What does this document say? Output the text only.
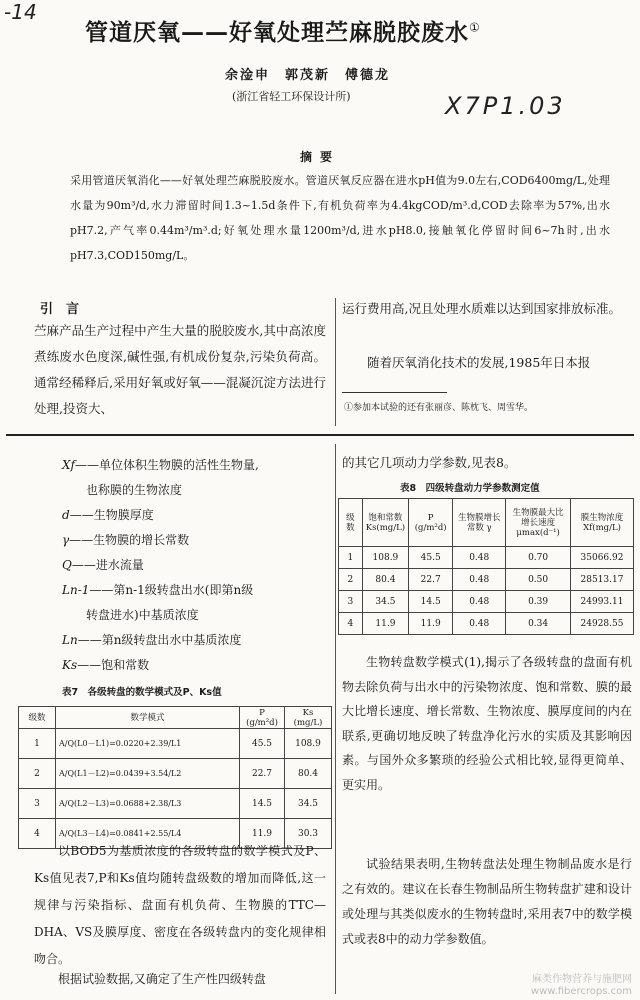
-14
X7P1.03
管道厌氧——好氧处理苎麻脱胶废水①
余淦申　郭茂新　傅德龙
(浙江省轻工环保设计所)
摘要
采用管道厌氧消化——好氧处理苎麻脱胶废水。管道厌氧反应器在进水pH值为9.0左右,COD6400mg/L,处理水量为90m³/d,水力滞留时间1.3~1.5d条件下,有机负荷率为4.4kgCOD/m³.d,COD去除率为57%,出水pH7.2,产气率0.44m³/m³.d;好氧处理水量1200m³/d,进水pH8.0,接触氧化停留时间6~7h时,出水pH7.3,COD150mg/L。
引　言
苎麻产品生产过程中产生大量的脱胶废水,其中高浓度煮练废水色度深,碱性强,有机成份复杂,污染负荷高。通常经稀释后,采用好氧或好氧——混凝沉淀方法进行处理,投资大、
运行费用高,况且处理水质难以达到国家排放标准。
随着厌氧消化技术的发展,1985年日本报
①参加本试验的还有张丽彦、陈枕飞、周雪华。
Xf——单位体积生物膜的活性生物量,
　　也称膜的生物浓度
d——生物膜厚度
γ——生物膜的增长常数
Q——进水流量
Ln-1——第n-1级转盘出水(即第n级
　　转盘进水)中基质浓度
Ln——第n级转盘出水中基质浓度
Ks——饱和常数
表7　各级转盘的数学模式及P、Ks值
级数	数学模式	P (g/m²d)	Ks (mg/L)
1	A/Q(L0－L1)=0.0220+2.39/L1	45.5	108.9
2	A/Q(L1－L2)=0.0439+3.54/L2	22.7	80.4
3	A/Q(L2－L3)=0.0688+2.38/L3	14.5	34.5
4	A/Q(L3－L4)=0.0841+2.55/L4	11.9	30.3
以BOD5为基质浓度的各级转盘的数学模式及P、Ks值见表7,P和Ks值均随转盘级数的增加而降低,这一规律与污染指标、盘面有机负荷、生物膜的TTC—DHA、VS及膜厚度、密度在各级转盘内的变化规律相吻合。
根据试验数据,又确定了生产性四级转盘
的其它几项动力学参数,见表8。
表8　四级转盘动力学参数测定值
级数	饱和常数 Ks(mg/L)	P (g/m²d)	生物膜增长常数 γ	生物膜最大比增长速度 μmax(d⁻¹)	膜生物浓度 Xf(mg/L)
1	108.9	45.5	0.48	0.70	35066.92
2	80.4	22.7	0.48	0.50	28513.17
3	34.5	14.5	0.48	0.39	24993.11
4	11.9	11.9	0.48	0.34	24928.55
生物转盘数学模式(1),揭示了各级转盘的盘面有机物去除负荷与出水中的污染物浓度、饱和常数、膜的最大比增长速度、增长常数、生物浓度、膜厚度间的内在联系,更确切地反映了转盘净化污水的实质及其影响因素。与国外众多繁琐的经验公式相比较,显得更简单、更实用。
试验结果表明,生物转盘法处理生物制品废水是行之有效的。建议在长春生物制品所生物转盘扩建和设计或处理与其类似废水的生物转盘时,采用表7中的数学模式或表8中的动力学参数值。
麻类作物营养与施肥网
www.fibercrops.com
